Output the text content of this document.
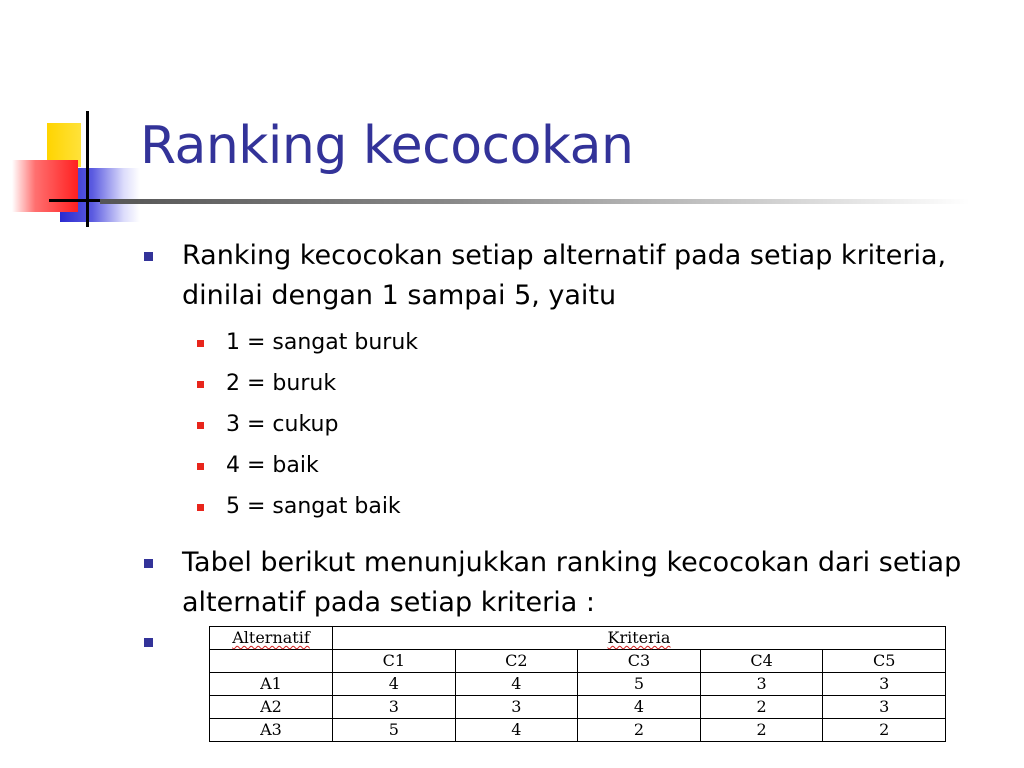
Ranking kecocokan
Ranking kecocokan setiap alternatif pada setiap kriteria, dinilai dengan 1 sampai 5, yaitu
1 = sangat buruk
2 = buruk
3 = cukup
4 = baik
5 = sangat baik
Tabel berikut menunjukkan ranking kecocokan dari setiap alternatif pada setiap kriteria :
Alternatif	Kriteria				
	C1	C2	C3	C4	C5
A1	4	4	5	3	3
A2	3	3	4	2	3
A3	5	4	2	2	2
